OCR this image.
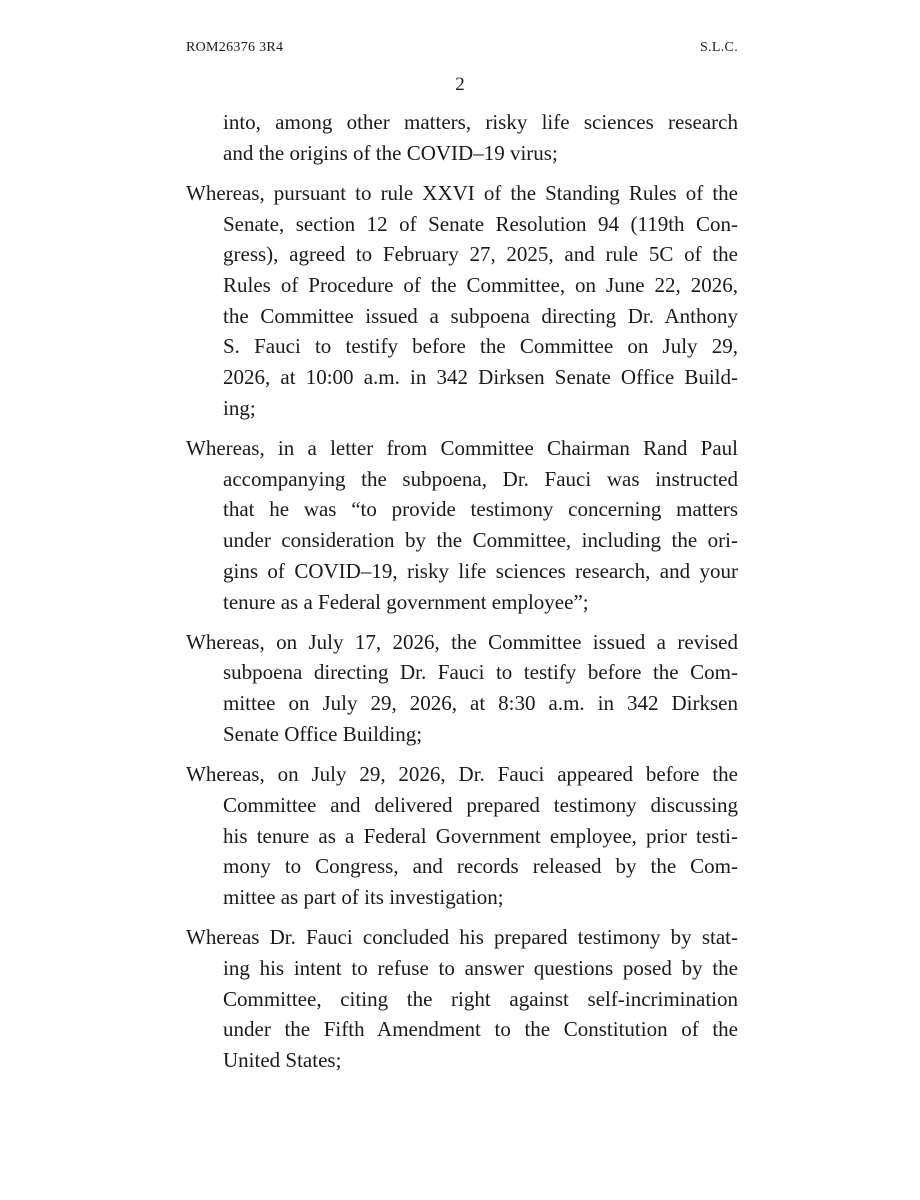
ROM26376 3R4	S.L.C.
2
into, among other matters, risky life sciences research
and the origins of the COVID–19 virus;
Whereas, pursuant to rule XXVI of the Standing Rules of the
Senate, section 12 of Senate Resolution 94 (119th Con-
gress), agreed to February 27, 2025, and rule 5C of the
Rules of Procedure of the Committee, on June 22, 2026,
the Committee issued a subpoena directing Dr. Anthony
S. Fauci to testify before the Committee on July 29,
2026, at 10:00 a.m. in 342 Dirksen Senate Office Build-
ing;
Whereas, in a letter from Committee Chairman Rand Paul
accompanying the subpoena, Dr. Fauci was instructed
that he was “to provide testimony concerning matters
under consideration by the Committee, including the ori-
gins of COVID–19, risky life sciences research, and your
tenure as a Federal government employee”;
Whereas, on July 17, 2026, the Committee issued a revised
subpoena directing Dr. Fauci to testify before the Com-
mittee on July 29, 2026, at 8:30 a.m. in 342 Dirksen
Senate Office Building;
Whereas, on July 29, 2026, Dr. Fauci appeared before the
Committee and delivered prepared testimony discussing
his tenure as a Federal Government employee, prior testi-
mony to Congress, and records released by the Com-
mittee as part of its investigation;
Whereas Dr. Fauci concluded his prepared testimony by stat-
ing his intent to refuse to answer questions posed by the
Committee, citing the right against self-incrimination
under the Fifth Amendment to the Constitution of the
United States;
